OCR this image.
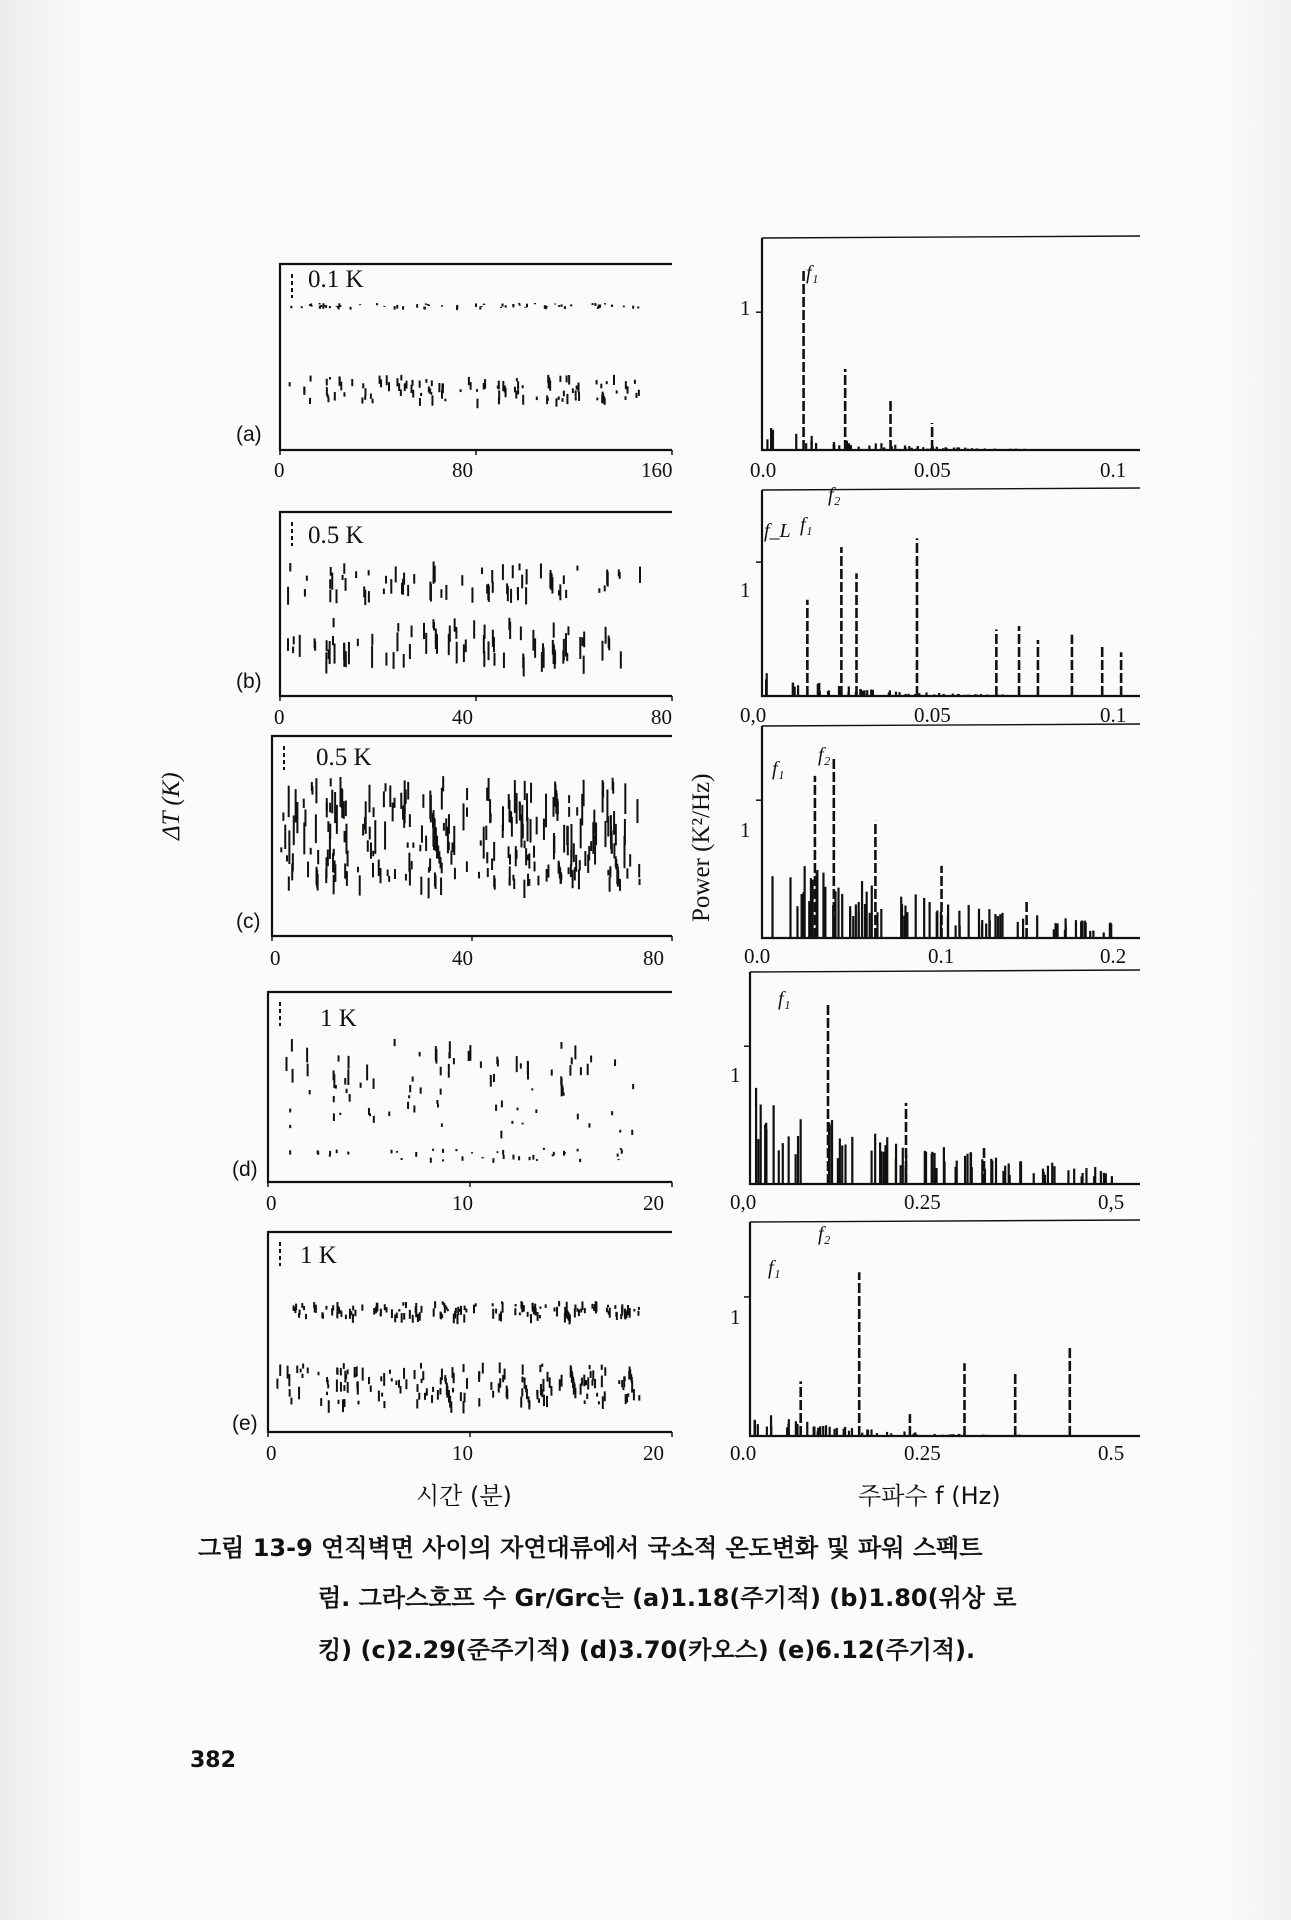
(a)
(b)
(c)
(d)
(e)
0.1 K
0.5 K
0.5 K
1 K
1 K
0	80	160
0	40	80
0	40	80
0	10	20
0	10	20
0.0	0.05	0.1
0,0	0.05	0.1
0.0	0.1	0.2
0,0	0.25	0,5
0.0	0.25	0.5
1
1
1
1
1
f₁
f₂
f_L f₁
f₂
f₁
f₁
f₂
f₁
ΔT (K)	Power (K²/Hz)
시간 (분)	주파수 f (Hz)
그림 13-9 연직벽면 사이의 자연대류에서 국소적 온도변화 및 파워 스펙트
럼. 그라스호프 수 Gr/Grc는 (a)1.18(주기적) (b)1.80(위상 로
킹) (c)2.29(준주기적) (d)3.70(카오스) (e)6.12(주기적).
382
